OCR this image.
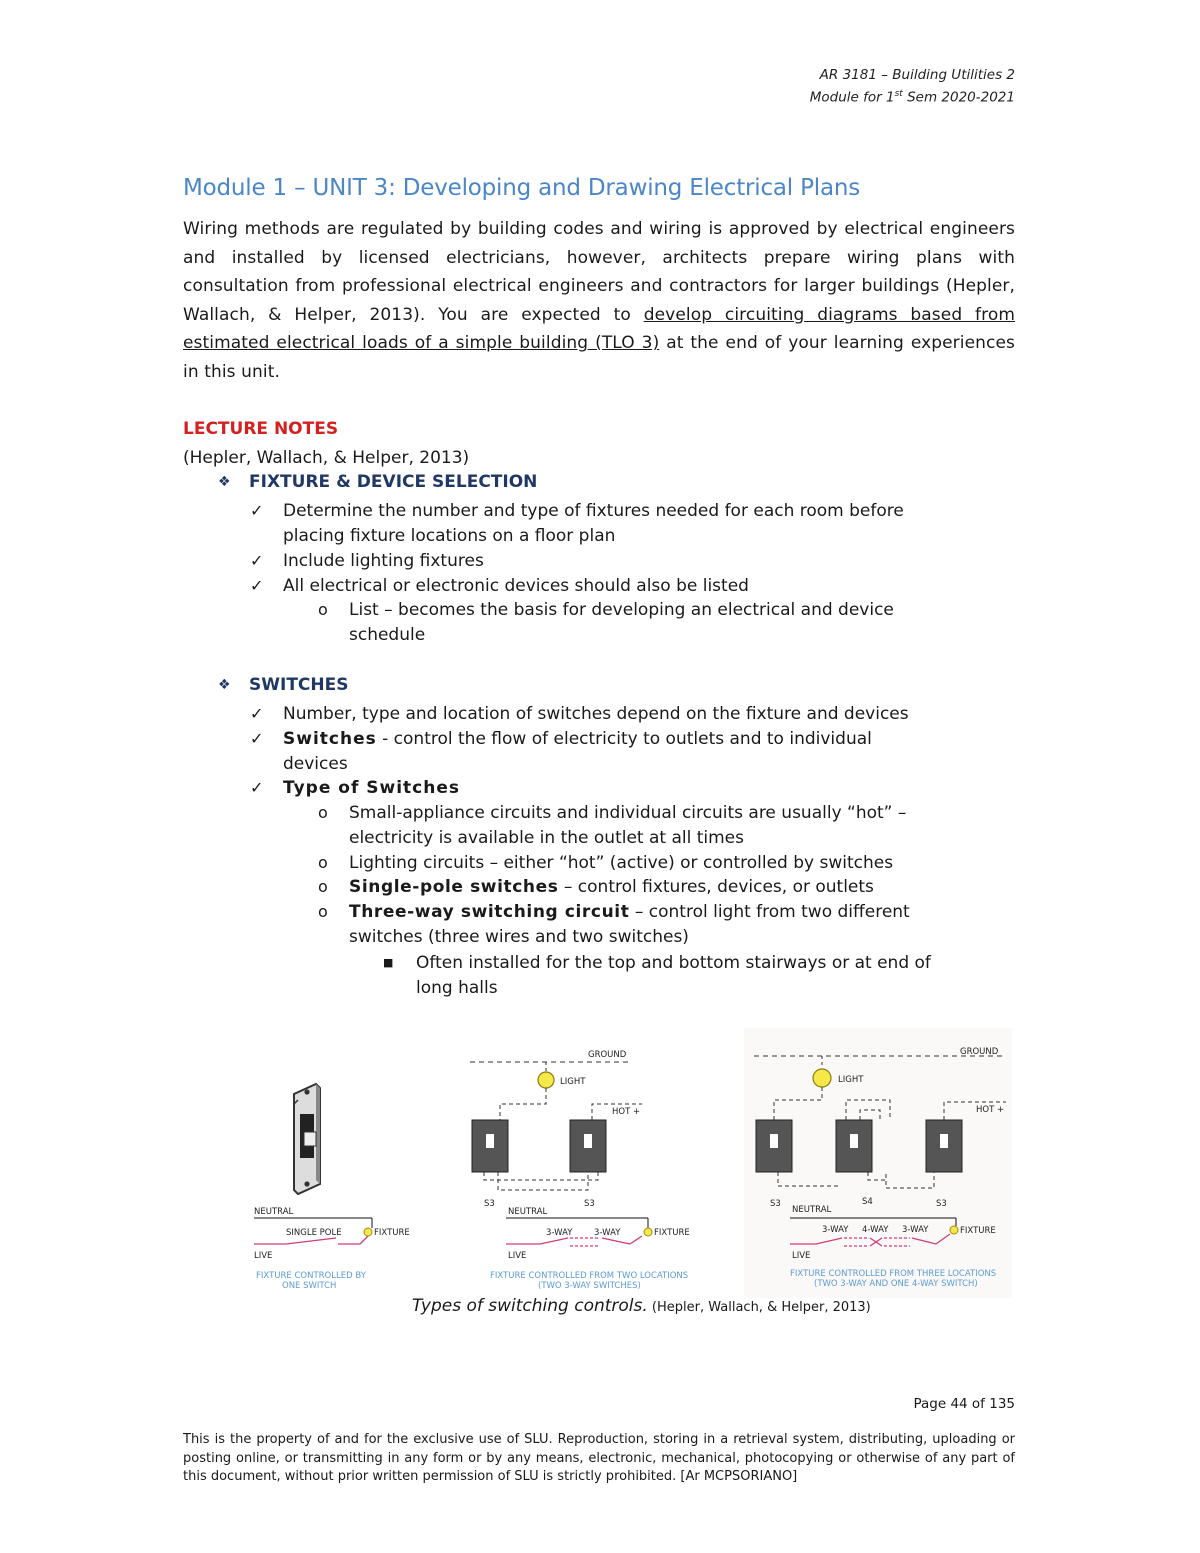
AR 3181 – Building Utilities 2
Module for 1st Sem 2020-2021
Module 1 – UNIT 3: Developing and Drawing Electrical Plans
Wiring methods are regulated by building codes and wiring is approved by electrical engineers and installed by licensed electricians, however, architects prepare wiring plans with consultation from professional electrical engineers and contractors for larger buildings (Hepler, Wallach, & Helper, 2013). You are expected to develop circuiting diagrams based from estimated electrical loads of a simple building (TLO 3) at the end of your learning experiences in this unit.
LECTURE NOTES
(Hepler, Wallach, & Helper, 2013)
❖ FIXTURE & DEVICE SELECTION
✓ Determine the number and type of fixtures needed for each room before
placing fixture locations on a floor plan
✓ Include lighting fixtures
✓ All electrical or electronic devices should also be listed
o List – becomes the basis for developing an electrical and device
schedule
❖ SWITCHES
✓ Number, type and location of switches depend on the fixture and devices
✓ Switches - control the flow of electricity to outlets and to individual
devices
✓ Type of Switches
o Small-appliance circuits and individual circuits are usually “hot” –
electricity is available in the outlet at all times
o Lighting circuits – either “hot” (active) or controlled by switches
o Single-pole switches – control fixtures, devices, or outlets
o Three-way switching circuit – control light from two different
switches (three wires and two switches)
■ Often installed for the top and bottom stairways or at end of
long halls
NEUTRAL
LIVE
SINGLE POLE	FIXTURE
FIXTURE CONTROLLED BY
ONE SWITCH
GROUND
LIGHT
HOT +
S3	S3
NEUTRAL
LIVE
3-WAY	3-WAY	FIXTURE
FIXTURE CONTROLLED FROM TWO LOCATIONS
(TWO 3-WAY SWITCHES)
GROUND
LIGHT
HOT +
S3	S4	S3
NEUTRAL
LIVE
3-WAY 4-WAY 3-WAY	FIXTURE
FIXTURE CONTROLLED FROM THREE LOCATIONS
(TWO 3-WAY AND ONE 4-WAY SWITCH)
Types of switching controls. (Hepler, Wallach, & Helper, 2013)
Page 44 of 135
This is the property of and for the exclusive use of SLU. Reproduction, storing in a retrieval system, distributing, uploading or posting online, or transmitting in any form or by any means, electronic, mechanical, photocopying or otherwise of any part of this document, without prior written permission of SLU is strictly prohibited. [Ar MCPSORIANO]
